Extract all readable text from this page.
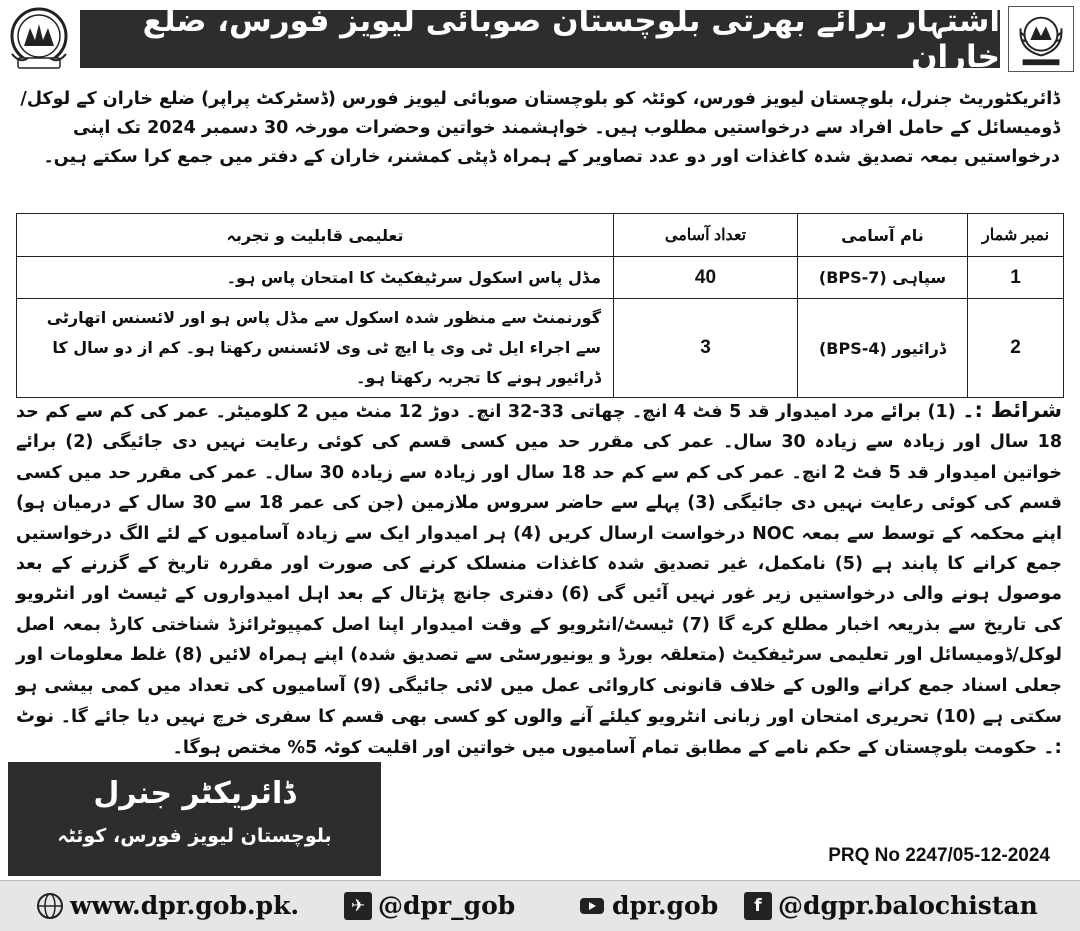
اشتہار برائے بھرتی بلوچستان صوبائی لیویز فورس، ضلع خاران

ڈائریکٹوریٹ جنرل، بلوچستان لیویز فورس، کوئٹہ کو بلوچستان صوبائی لیویز فورس (ڈسٹرکٹ پراپر) ضلع خاران کے لوکل/ڈومیسائل کے حامل افراد سے درخواستیں مطلوب ہیں۔ خواہشمند خواتین وحضرات مورخہ 30 دسمبر 2024 تک اپنی درخواستیں بمعہ تصدیق شدہ کاغذات اور دو عدد تصاویر کے ہمراہ ڈپٹی کمشنر، خاران کے دفتر میں جمع کرا سکتے ہیں۔

نمبر شمار	نام آسامی	تعداد آسامی	تعلیمی قابلیت و تجربہ
1	سپاہی (BPS-7)	40	مڈل پاس اسکول سرٹیفکیٹ کا امتحان پاس ہو۔
2	ڈرائیور (BPS-4)	3	گورنمنٹ سے منظور شدہ اسکول سے مڈل پاس ہو اور لائسنس اتھارٹی سے اجراء ایل ٹی وی یا ایچ ٹی وی لائسنس رکھتا ہو۔ کم از دو سال کا ڈرائیور ہونے کا تجربہ رکھتا ہو۔

شرائط :۔ (1) برائے مرد امیدوار قد 5 فٹ 4 انچ۔ چھاتی 33-32 انچ۔ دوڑ 12 منٹ میں 2 کلومیٹر۔ عمر کی کم سے کم حد 18 سال اور زیادہ سے زیادہ 30 سال۔ عمر کی مقرر حد میں کسی قسم کی کوئی رعایت نہیں دی جائیگی (2) برائے خواتین امیدوار قد 5 فٹ 2 انچ۔ عمر کی کم سے کم حد 18 سال اور زیادہ سے زیادہ 30 سال۔ عمر کی مقرر حد میں کسی قسم کی کوئی رعایت نہیں دی جائیگی (3) پہلے سے حاضر سروس ملازمین (جن کی عمر 18 سے 30 سال کے درمیان ہو) اپنے محکمہ کے توسط سے بمعہ NOC درخواست ارسال کریں (4) ہر امیدوار ایک سے زیادہ آسامیوں کے لئے الگ درخواستیں جمع کرانے کا پابند ہے (5) نامکمل، غیر تصدیق شدہ کاغذات منسلک کرنے کی صورت اور مقررہ تاریخ کے گزرنے کے بعد موصول ہونے والی درخواستیں زیر غور نہیں آئیں گی (6) دفتری جانچ پڑتال کے بعد اہل امیدواروں کے ٹیسٹ اور انٹرویو کی تاریخ سے بذریعہ اخبار مطلع کرے گا (7) ٹیسٹ/انٹرویو کے وقت امیدوار اپنا اصل کمپیوٹرائزڈ شناختی کارڈ بمعہ اصل لوکل/ڈومیسائل اور تعلیمی سرٹیفکیٹ (متعلقہ بورڈ و یونیورسٹی سے تصدیق شدہ) اپنے ہمراہ لائیں (8) غلط معلومات اور جعلی اسناد جمع کرانے والوں کے خلاف قانونی کاروائی عمل میں لائی جائیگی (9) آسامیوں کی تعداد میں کمی بیشی ہو سکتی ہے (10) تحریری امتحان اور زبانی انٹرویو کیلئے آنے والوں کو کسی بھی قسم کا سفری خرچ نہیں دیا جائے گا۔ نوٹ :۔ حکومت بلوچستان کے حکم نامے کے مطابق تمام آسامیوں میں خواتین اور اقلیت کوٹہ 5% مختص ہوگا۔

ڈائریکٹر جنرل
بلوچستان لیویز فورس، کوئٹہ
PRQ No 2247/05-12-2024
www.dpr.gob.pk.	✈ @dpr_gob	dpr.gob	f @dgpr.balochistan
